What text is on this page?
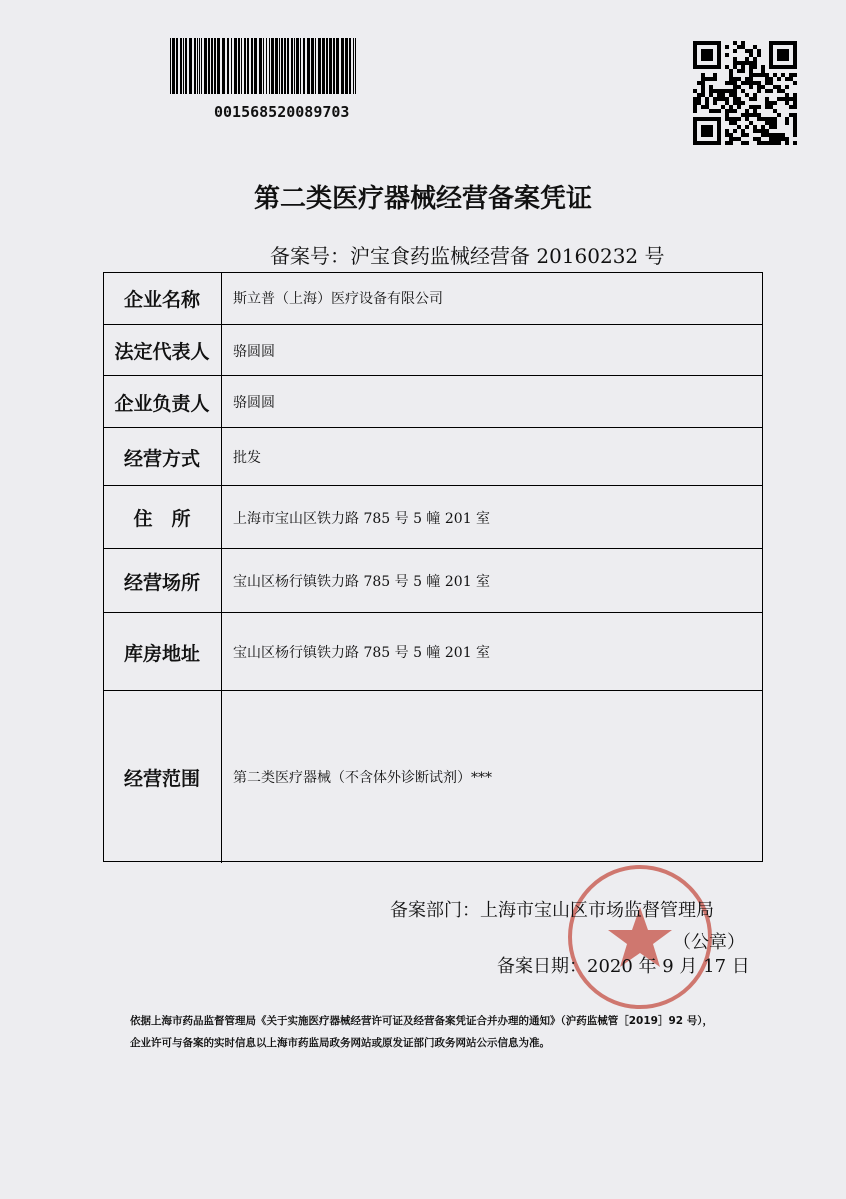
001568520089703
第二类医疗器械经营备案凭证
备案号：沪宝食药监械经营备 20160232 号
企业名称	斯立普（上海）医疗设备有限公司
法定代表人	骆圆圆
企业负责人	骆圆圆
经营方式	批发
住　所	上海市宝山区铁力路 785 号 5 幢 201 室
经营场所	宝山区杨行镇铁力路 785 号 5 幢 201 室
库房地址	宝山区杨行镇铁力路 785 号 5 幢 201 室
经营范围	第二类医疗器械（不含体外诊断试剂）***
备案部门：上海市宝山区市场监督管理局
（公章）
备案日期：2020 年 9 月 17 日
依据上海市药品监督管理局《关于实施医疗器械经营许可证及经营备案凭证合并办理的通知》（沪药监械管［2019］92 号），
企业许可与备案的实时信息以上海市药监局政务网站或原发证部门政务网站公示信息为准。
